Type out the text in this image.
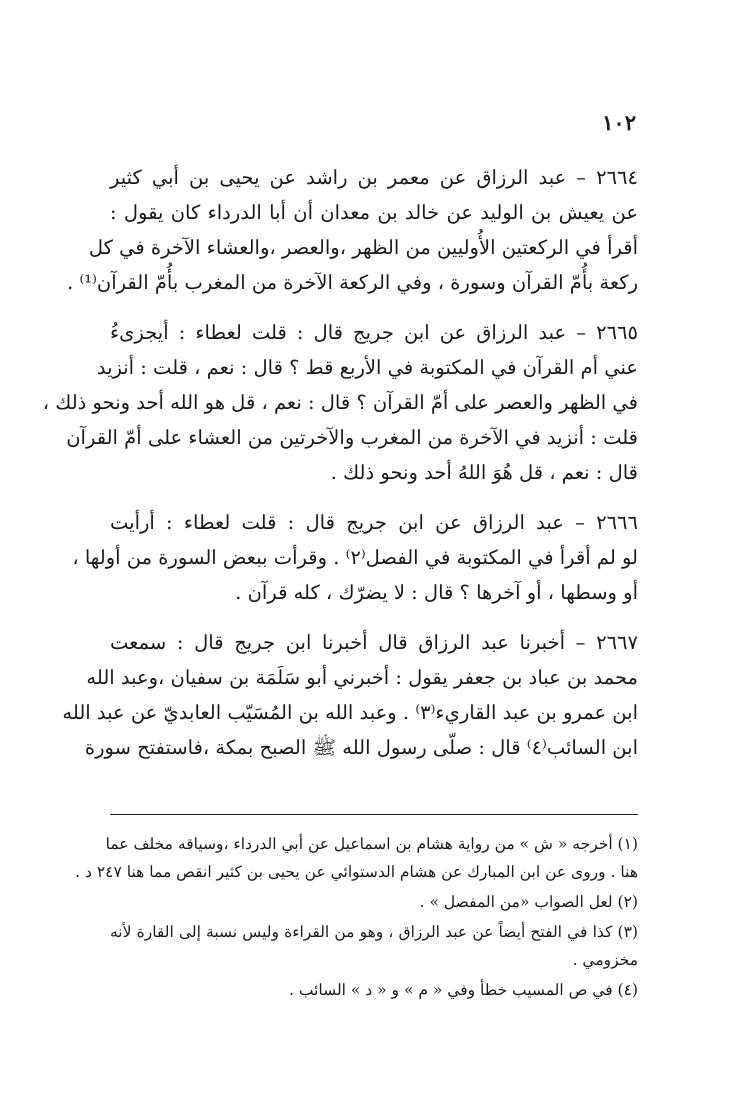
١٠٢
٢٦٦٤ – عبد الرزاق عن معمر بن راشد عن يحيى بن أبي كثير
عن يعيش بن الوليد عن خالد بن معدان أن أبا الدرداء كان يقول :
أقرأ في الركعتين الأُوليين من الظهر ،والعصر ،والعشاء الآخرة في كل
ركعة بأُمّ القرآن وسورة ، وفي الركعة الآخرة من المغرب بأُمّ القرآن⁽¹⁾ .
٢٦٦٥ – عبد الرزاق عن ابن جريج قال : قلت لعطاء : أيجزىءُ
عني أم القرآن في المكتوبة في الأربع قط ؟ قال : نعم ، قلت : أنزيد
في الظهر والعصر على أمّ القرآن ؟ قال : نعم ، قل هو الله أحد ونحو ذلك ،
قلت : أنزيد في الآخرة من المغرب والآخرتين من العشاء على أمّ القرآن
قال : نعم ، قل هُوَ اللهُ أحد ونحو ذلك .
٢٦٦٦ – عبد الرزاق عن ابن جريج قال : قلت لعطاء : أرأيت
لو لم أقرأ في المكتوبة في الفصل⁽٢⁾ . وقرأت ببعض السورة من أولها ،
أو وسطها ، أو آخرها ؟ قال : لا يضرّك ، كله قرآن .
٢٦٦٧ – أخبرنا عبد الرزاق قال أخبرنا ابن جريج قال : سمعت
محمد بن عباد بن جعفر يقول : أخبرني أبو سَلَمَة بن سفيان ،وعبد الله
ابن عمرو بن عبد القاريء⁽٣⁾ . وعبد الله بن المُسَيّب العابديّ عن عبد الله
ابن السائب⁽٤⁾ قال : صلّى رسول الله ﷺ الصبح بمكة ،فاستفتح سورة
(١) أخرجه « ش » من رواية هشام بن اسماعيل عن أبي الدرداء ،وسياقه مخلف عما
هنا . وروى عن ابن المبارك عن هشام الدستوائي عن يحيى بن كثير انقص مما هنا ٢٤٧ د .
(٢) لعل الصواب «من المفصل » .
(٣) كذا في الفتح أيضاً عن عبد الرزاق ، وهو من القراءة وليس نسبة إلى القارة لأنه
مخزومي .
(٤) في ص المسيب خطأ وفي « م » و « د » السائب .
